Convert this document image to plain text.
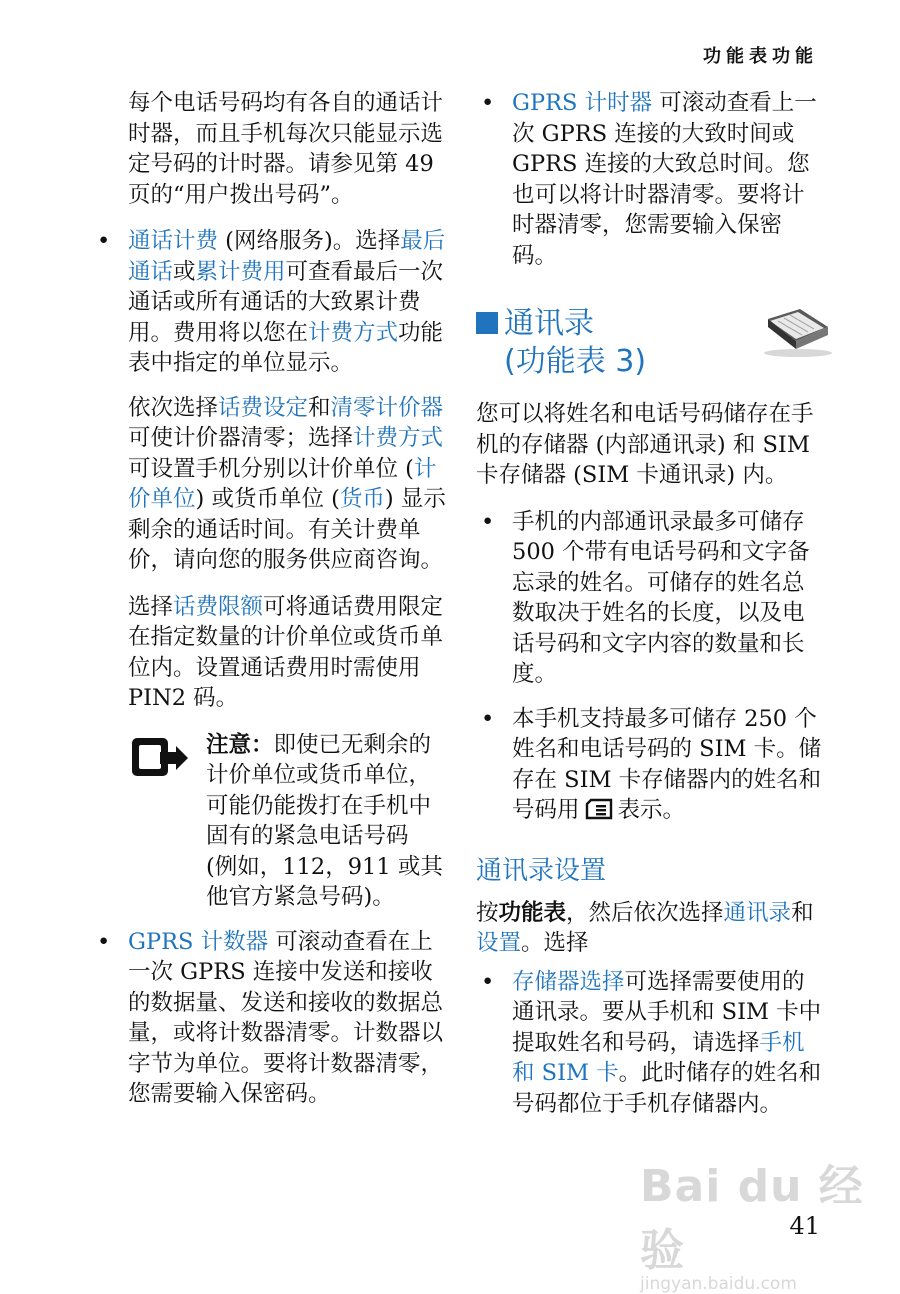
功能表功能

每个电话号码均有各自的通话计时器，而且手机每次只能显示选定号码的计时器。请参见第 49 页的“用户拨出号码”。

• 通话计费 (网络服务)。选择最后通话或累计费用可查看最后一次通话或所有通话的大致累计费用。费用将以您在计费方式功能表中指定的单位显示。

依次选择话费设定和清零计价器可使计价器清零；选择计费方式可设置手机分别以计价单位 (计价单位) 或货币单位 (货币) 显示剩余的通话时间。有关计费单价，请向您的服务供应商咨询。

选择话费限额可将通话费用限定在指定数量的计价单位或货币单位内。设置通话费用时需使用 PIN2 码。

注意：即使已无剩余的计价单位或货币单位，可能仍能拨打在手机中固有的紧急电话号码 (例如，112，911 或其他官方紧急号码)。
• GPRS 计数器 可滚动查看在上一次 GPRS 连接中发送和接收的数据量、发送和接收的数据总量，或将计数器清零。计数器以字节为单位。要将计数器清零，您需要输入保密码。
• GPRS 计时器 可滚动查看上一次 GPRS 连接的大致时间或 GPRS 连接的大致总时间。您也可以将计时器清零。要将计时器清零，您需要输入保密码。
通讯录
(功能表 3)

您可以将姓名和电话号码储存在手机的存储器 (内部通讯录) 和 SIM 卡存储器 (SIM 卡通讯录) 内。

• 手机的内部通讯录最多可储存 500 个带有电话号码和文字备忘录的姓名。可储存的姓名总数取决于姓名的长度，以及电话号码和文字内容的数量和长度。
• 本手机支持最多可储存 250 个姓名和电话号码的 SIM 卡。储存在 SIM 卡存储器内的姓名和号码用 表示。
通讯录设置

按功能表，然后依次选择通讯录和设置。选择

• 存储器选择可选择需要使用的通讯录。要从手机和 SIM 卡中提取姓名和号码，请选择手机和 SIM 卡。此时储存的姓名和号码都位于手机存储器内。
Bai du 经验
jingyan.baidu.com
41
